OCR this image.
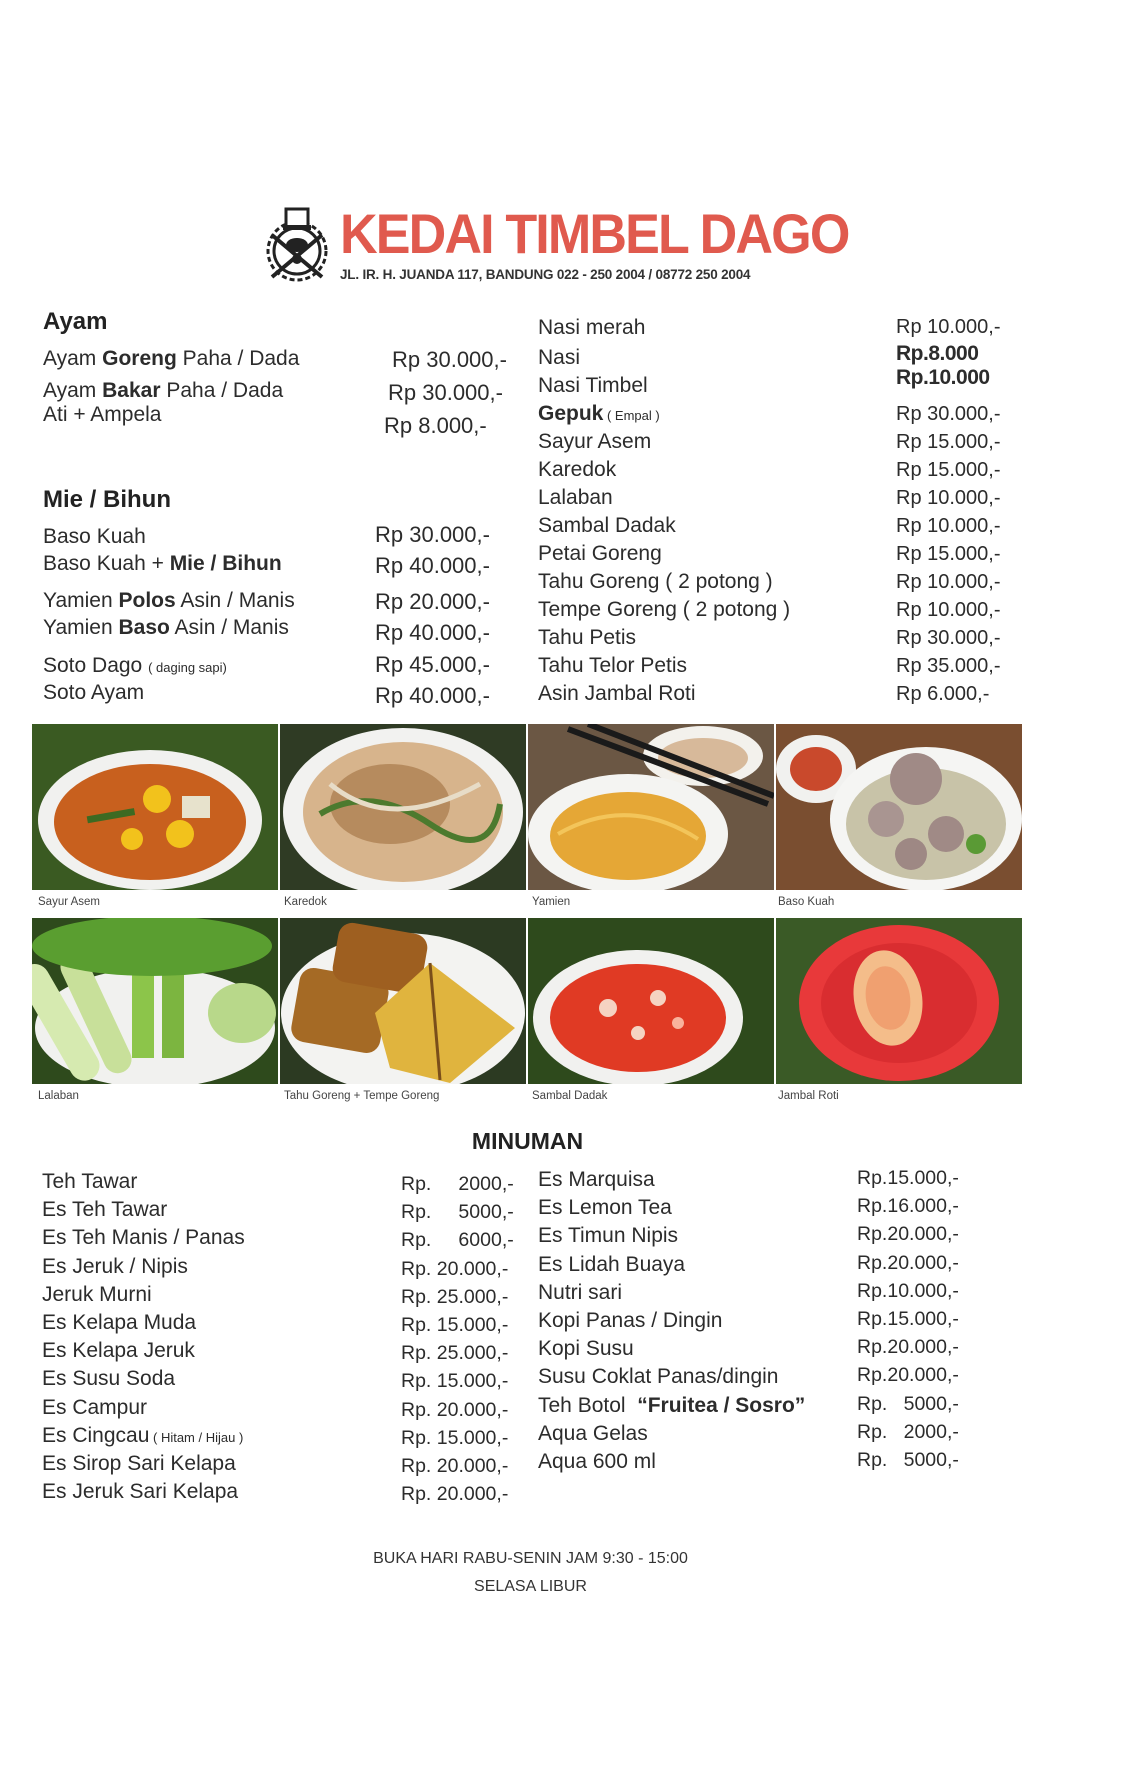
KEDAI TIMBEL DAGO
JL. IR. H. JUANDA 117, BANDUNG 022 - 250 2004 / 08772 250 2004
Ayam
Ayam Goreng Paha / Dada	Rp 30.000,-
Ayam Bakar Paha / Dada	Rp 30.000,-
Ati + Ampela	Rp 8.000,-
Mie / Bihun
Baso Kuah	Rp 30.000,-
Baso Kuah + Mie / Bihun	Rp 40.000,-
Yamien Polos Asin / Manis	Rp 20.000,-
Yamien Baso Asin / Manis	Rp 40.000,-
Soto Dago ( daging sapi)	Rp 45.000,-
Soto Ayam	Rp 40.000,-
Nasi merah	Rp 10.000,-
Nasi	Rp.8.000
Nasi Timbel	Rp.10.000
Gepuk ( Empal )	Rp 30.000,-
Sayur Asem	Rp 15.000,-
Karedok	Rp 15.000,-
Lalaban	Rp 10.000,-
Sambal Dadak	Rp 10.000,-
Petai Goreng	Rp 15.000,-
Tahu Goreng ( 2 potong )	Rp 10.000,-
Tempe Goreng ( 2 potong )	Rp 10.000,-
Tahu Petis	Rp 30.000,-
Tahu Telor Petis	Rp 35.000,-
Asin Jambal Roti	Rp 6.000,-
Sayur Asem	Karedok	Yamien	Baso Kuah
Lalaban	Tahu Goreng + Tempe Goreng	Sambal Dadak	Jambal Roti
MINUMAN
Teh Tawar	Rp.     2000,-
Es Teh Tawar	Rp.     5000,-
Es Teh Manis / Panas	Rp.     6000,-
Es Jeruk / Nipis	Rp. 20.000,-
Jeruk Murni	Rp. 25.000,-
Es Kelapa Muda	Rp. 15.000,-
Es Kelapa Jeruk	Rp. 25.000,-
Es Susu Soda	Rp. 15.000,-
Es Campur	Rp. 20.000,-
Es Cingcau ( Hitam / Hijau )	Rp. 15.000,-
Es Sirop Sari Kelapa	Rp. 20.000,-
Es Jeruk Sari Kelapa	Rp. 20.000,-
Es Marquisa	Rp.15.000,-
Es Lemon Tea	Rp.16.000,-
Es Timun Nipis	Rp.20.000,-
Es Lidah Buaya	Rp.20.000,-
Nutri sari	Rp.10.000,-
Kopi Panas / Dingin	Rp.15.000,-
Kopi Susu	Rp.20.000,-
Susu Coklat Panas/dingin	Rp.20.000,-
Teh Botol  “Fruitea / Sosro”	Rp.   5000,-
Aqua Gelas	Rp.   2000,-
Aqua 600 ml	Rp.   5000,-
BUKA HARI RABU-SENIN JAM 9:30 - 15:00
SELASA LIBUR
